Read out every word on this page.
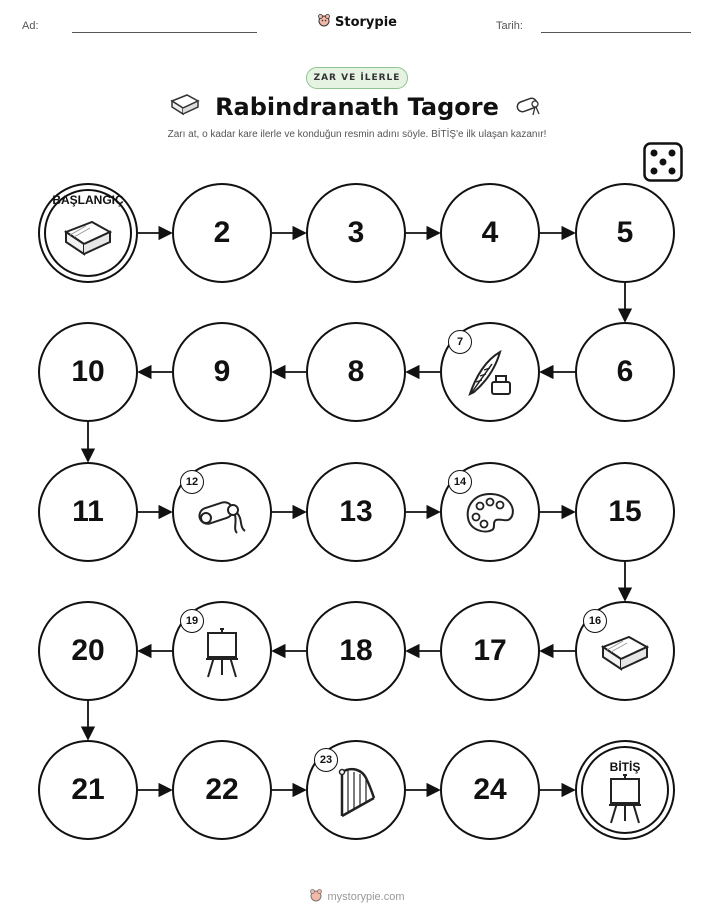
Ad:	Storypie	Tarih:
ZAR VE İLERLE
Rabindranath Tagore
Zarı at, o kadar kare ilerle ve konduğun resmin adını söyle. BİTİŞ'e ilk ulaşan kazanır!
BAŞLANGIÇ
2	3	4	5
6
7
8
9
10
11
12
13
14
15
16
17
18
19
20
21	22
23
24
BİTİŞ
mystorypie.com
